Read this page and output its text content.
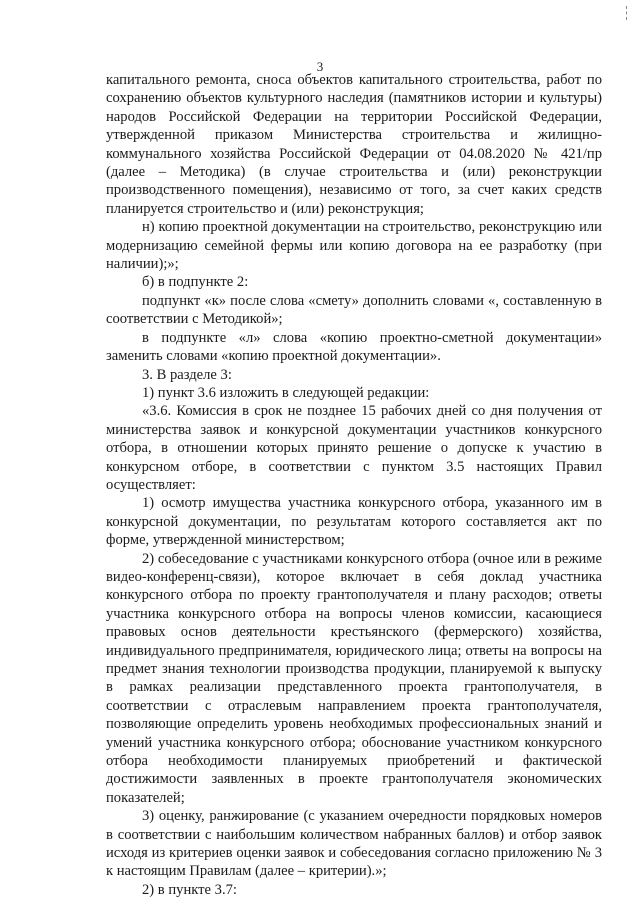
3

капитального ремонта, сноса объектов капитального строительства, работ по сохранению объектов культурного наследия (памятников истории и культуры) народов Российской Федерации на территории Российской Федерации, утвержденной приказом Министерства строительства и жилищно-коммунального хозяйства Российской Федерации от 04.08.2020 № 421/пр (далее – Методика) (в случае строительства и (или) реконструкции производственного помещения), независимо от того, за счет каких средств планируется строительство и (или) реконструкция;

н) копию проектной документации на строительство, реконструкцию или модернизацию семейной фермы или копию договора на ее разработку (при наличии);»;

б) в подпункте 2:

подпункт «к» после слова «смету» дополнить словами «, составленную в соответствии с Методикой»;

в подпункте «л» слова «копию проектно-сметной документации» заменить словами «копию проектной документации».

3. В разделе 3:

1) пункт 3.6 изложить в следующей редакции:

«3.6. Комиссия в срок не позднее 15 рабочих дней со дня получения от министерства заявок и конкурсной документации участников конкурсного отбора, в отношении которых принято решение о допуске к участию в конкурсном отборе, в соответствии с пунктом 3.5 настоящих Правил осуществляет:

1) осмотр имущества участника конкурсного отбора, указанного им в конкурсной документации, по результатам которого составляется акт по форме, утвержденной министерством;

2) собеседование с участниками конкурсного отбора (очное или в режиме видео-конференц-связи), которое включает в себя доклад участника конкурсного отбора по проекту грантополучателя и плану расходов; ответы участника конкурсного отбора на вопросы членов комиссии, касающиеся правовых основ деятельности крестьянского (фермерского) хозяйства, индивидуального предпринимателя, юридического лица; ответы на вопросы на предмет знания технологии производства продукции, планируемой к выпуску в рамках реализации представленного проекта грантополучателя, в соответствии с отраслевым направлением проекта грантополучателя, позволяющие определить уровень необходимых профессиональных знаний и умений участника конкурсного отбора; обоснование участником конкурсного отбора необходимости планируемых приобретений и фактической достижимости заявленных в проекте грантополучателя экономических показателей;

3) оценку, ранжирование (с указанием очередности порядковых номеров в соответствии с наибольшим количеством набранных баллов) и отбор заявок исходя из критериев оценки заявок и собеседования согласно приложению № 3 к настоящим Правилам (далее – критерии).»;

2) в пункте 3.7:
